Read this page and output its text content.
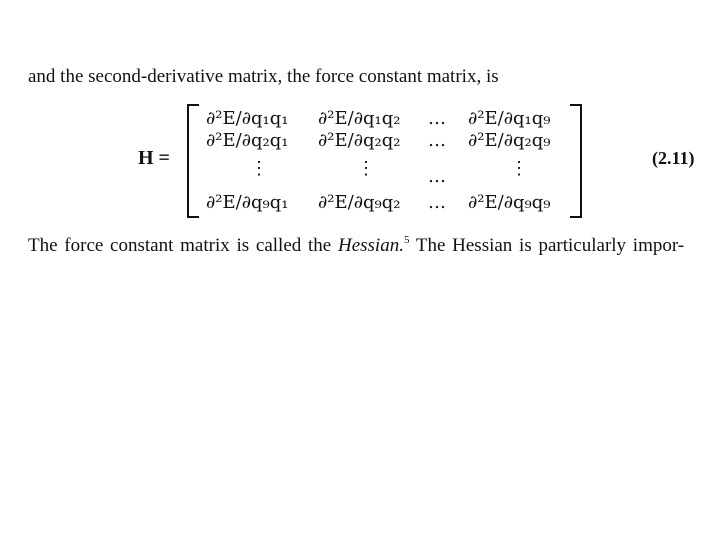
and the second-derivative matrix, the force constant matrix, is
H =
∂²E/∂q₁q₁ ∂²E/∂q₁q₂ … ∂²E/∂q₁q₉
∂²E/∂q₂q₁ ∂²E/∂q₂q₂ … ∂²E/∂q₂q₉
⋮	⋮	…	⋮
∂²E/∂q₉q₁ ∂²E/∂q₉q₂ … ∂²E/∂q₉q₉
(2.11)
The force constant matrix is called the Hessian.$^5$ The Hessian is particularly impor-
